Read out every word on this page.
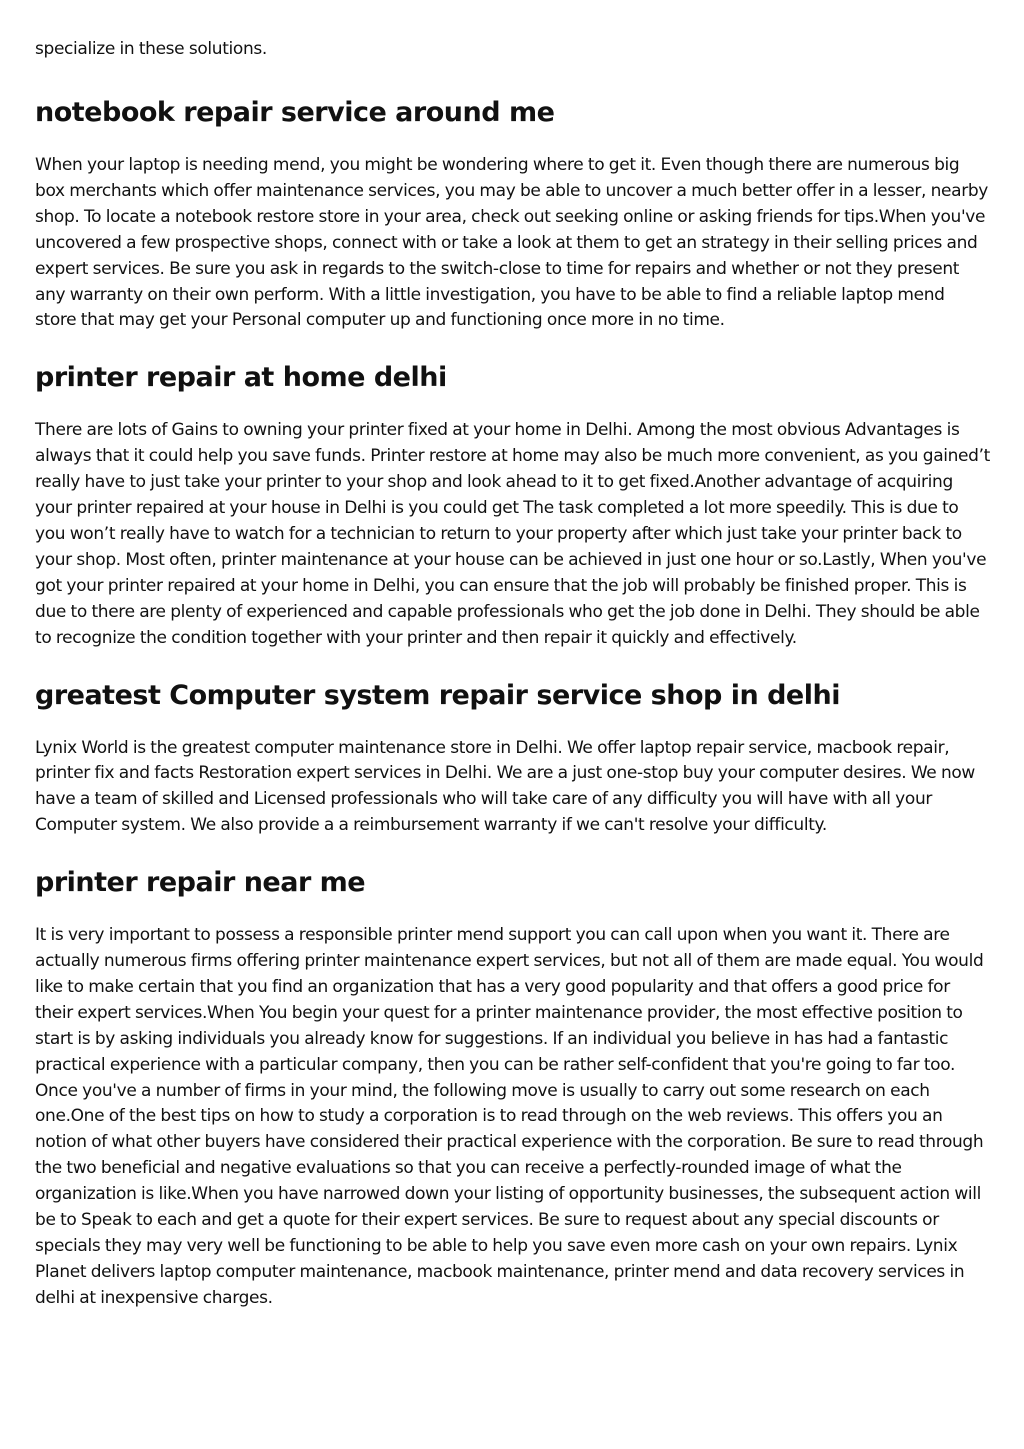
specialize in these solutions.

notebook repair service around me

When your laptop is needing mend, you might be wondering where to get it. Even though there are numerous big box merchants which offer maintenance services, you may be able to uncover a much better offer in a lesser, nearby shop. To locate a notebook restore store in your area, check out seeking online or asking friends for tips.When you've uncovered a few prospective shops, connect with or take a look at them to get an strategy in their selling prices and expert services. Be sure you ask in regards to the switch-close to time for repairs and whether or not they present any warranty on their own perform. With a little investigation, you have to be able to find a reliable laptop mend store that may get your Personal computer up and functioning once more in no time.

printer repair at home delhi

There are lots of Gains to owning your printer fixed at your home in Delhi. Among the most obvious Advantages is always that it could help you save funds. Printer restore at home may also be much more convenient, as you gained’t really have to just take your printer to your shop and look ahead to it to get fixed.Another advantage of acquiring your printer repaired at your house in Delhi is you could get The task completed a lot more speedily. This is due to you won’t really have to watch for a technician to return to your property after which just take your printer back to your shop. Most often, printer maintenance at your house can be achieved in just one hour or so.Lastly, When you've got your printer repaired at your home in Delhi, you can ensure that the job will probably be finished proper. This is due to there are plenty of experienced and capable professionals who get the job done in Delhi. They should be able to recognize the condition together with your printer and then repair it quickly and effectively.

greatest Computer system repair service shop in delhi

Lynix World is the greatest computer maintenance store in Delhi. We offer laptop repair service, macbook repair, printer fix and facts Restoration expert services in Delhi. We are a just one-stop buy your computer desires. We now have a team of skilled and Licensed professionals who will take care of any difficulty you will have with all your Computer system. We also provide a a reimbursement warranty if we can't resolve your difficulty.

printer repair near me

It is very important to possess a responsible printer mend support you can call upon when you want it. There are actually numerous firms offering printer maintenance expert services, but not all of them are made equal. You would like to make certain that you find an organization that has a very good popularity and that offers a good price for their expert services.When You begin your quest for a printer maintenance provider, the most effective position to start is by asking individuals you already know for suggestions. If an individual you believe in has had a fantastic practical experience with a particular company, then you can be rather self-confident that you're going to far too. Once you've a number of firms in your mind, the following move is usually to carry out some research on each one.One of the best tips on how to study a corporation is to read through on the web reviews. This offers you an notion of what other buyers have considered their practical experience with the corporation. Be sure to read through the two beneficial and negative evaluations so that you can receive a perfectly-rounded image of what the organization is like.When you have narrowed down your listing of opportunity businesses, the subsequent action will be to Speak to each and get a quote for their expert services. Be sure to request about any special discounts or specials they may very well be functioning to be able to help you save even more cash on your own repairs. Lynix Planet delivers laptop computer maintenance, macbook maintenance, printer mend and data recovery services in delhi at inexpensive charges.
